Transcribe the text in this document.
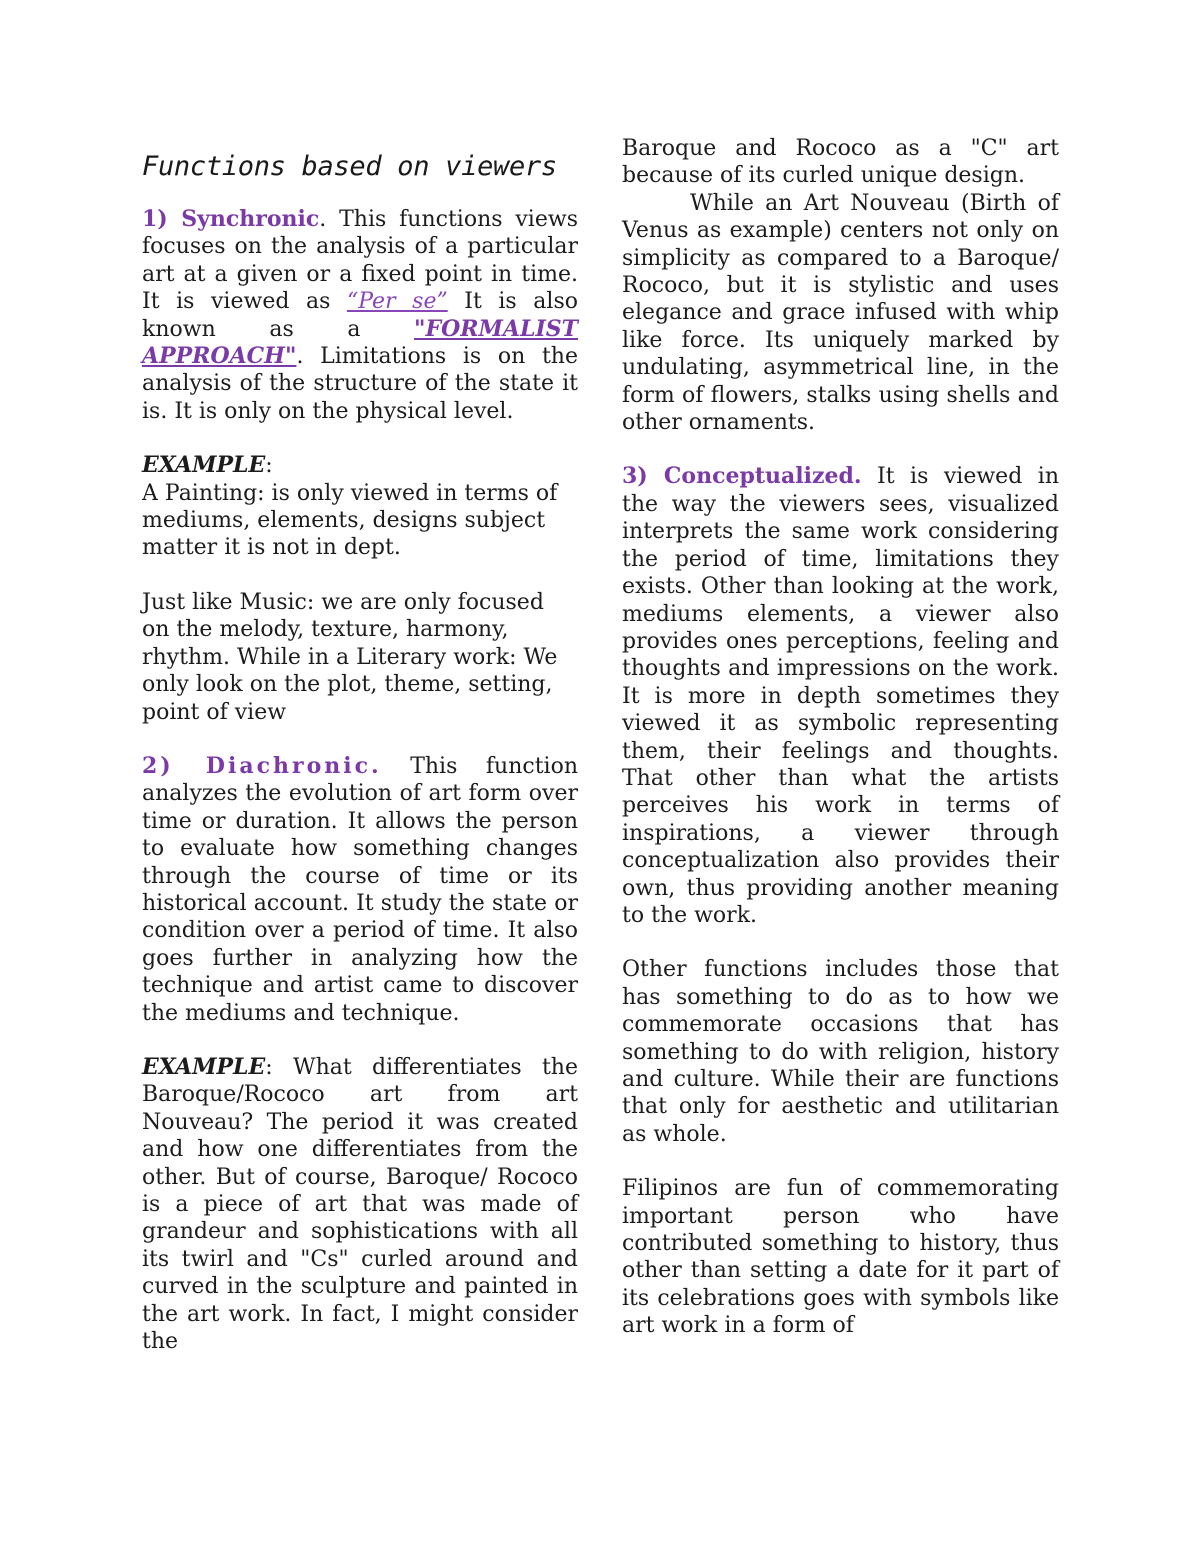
Functions based on viewers

1) Synchronic. This functions views focuses on the analysis of a particular art at a given or a fixed point in time. It is viewed as “Per se” It is also known as a "FORMALIST APPROACH". Limitations is on the analysis of the structure of the state it is. It is only on the physical level.

EXAMPLE:
A Painting: is only viewed in terms of mediums, elements, designs subject matter it is not in dept.

Just like Music: we are only focused on the melody, texture, harmony, rhythm. While in a Literary work: We only look on the plot, theme, setting, point of view

2) Diachronic. This function analyzes the evolution of art form over time or duration. It allows the person to evaluate how something changes through the course of time or its historical account. It study the state or condition over a period of time. It also goes further in analyzing how the technique and artist came to discover the mediums and technique.

EXAMPLE: What differentiates the Baroque/Rococo art from art Nouveau? The period it was created and how one differentiates from the other. But of course, Baroque/ Rococo is a piece of art that was made of grandeur and sophistications with all its twirl and "Cs" curled around and curved in the sculpture and painted in the art work. In fact, I might consider the

Baroque and Rococo as a "C" art because of its curled unique design.

While an Art Nouveau (Birth of Venus as example) centers not only on simplicity as compared to a Baroque/ Rococo, but it is stylistic and uses elegance and grace infused with whip like force. Its uniquely marked by undulating, asymmetrical line, in the form of flowers, stalks using shells and other ornaments.

3) Conceptualized. It is viewed in the way the viewers sees, visualized interprets the same work considering the period of time, limitations they exists. Other than looking at the work, mediums elements, a viewer also provides ones perceptions, feeling and thoughts and impressions on the work. It is more in depth sometimes they viewed it as symbolic representing them, their feelings and thoughts. That other than what the artists perceives his work in terms of inspirations, a viewer through conceptualization also provides their own, thus providing another meaning to the work.

Other functions includes those that has something to do as to how we commemorate occasions that has something to do with religion, history and culture. While their are functions that only for aesthetic and utilitarian as whole.

Filipinos are fun of commemorating important person who have contributed something to history, thus other than setting a date for it part of its celebrations goes with symbols like art work in a form of
